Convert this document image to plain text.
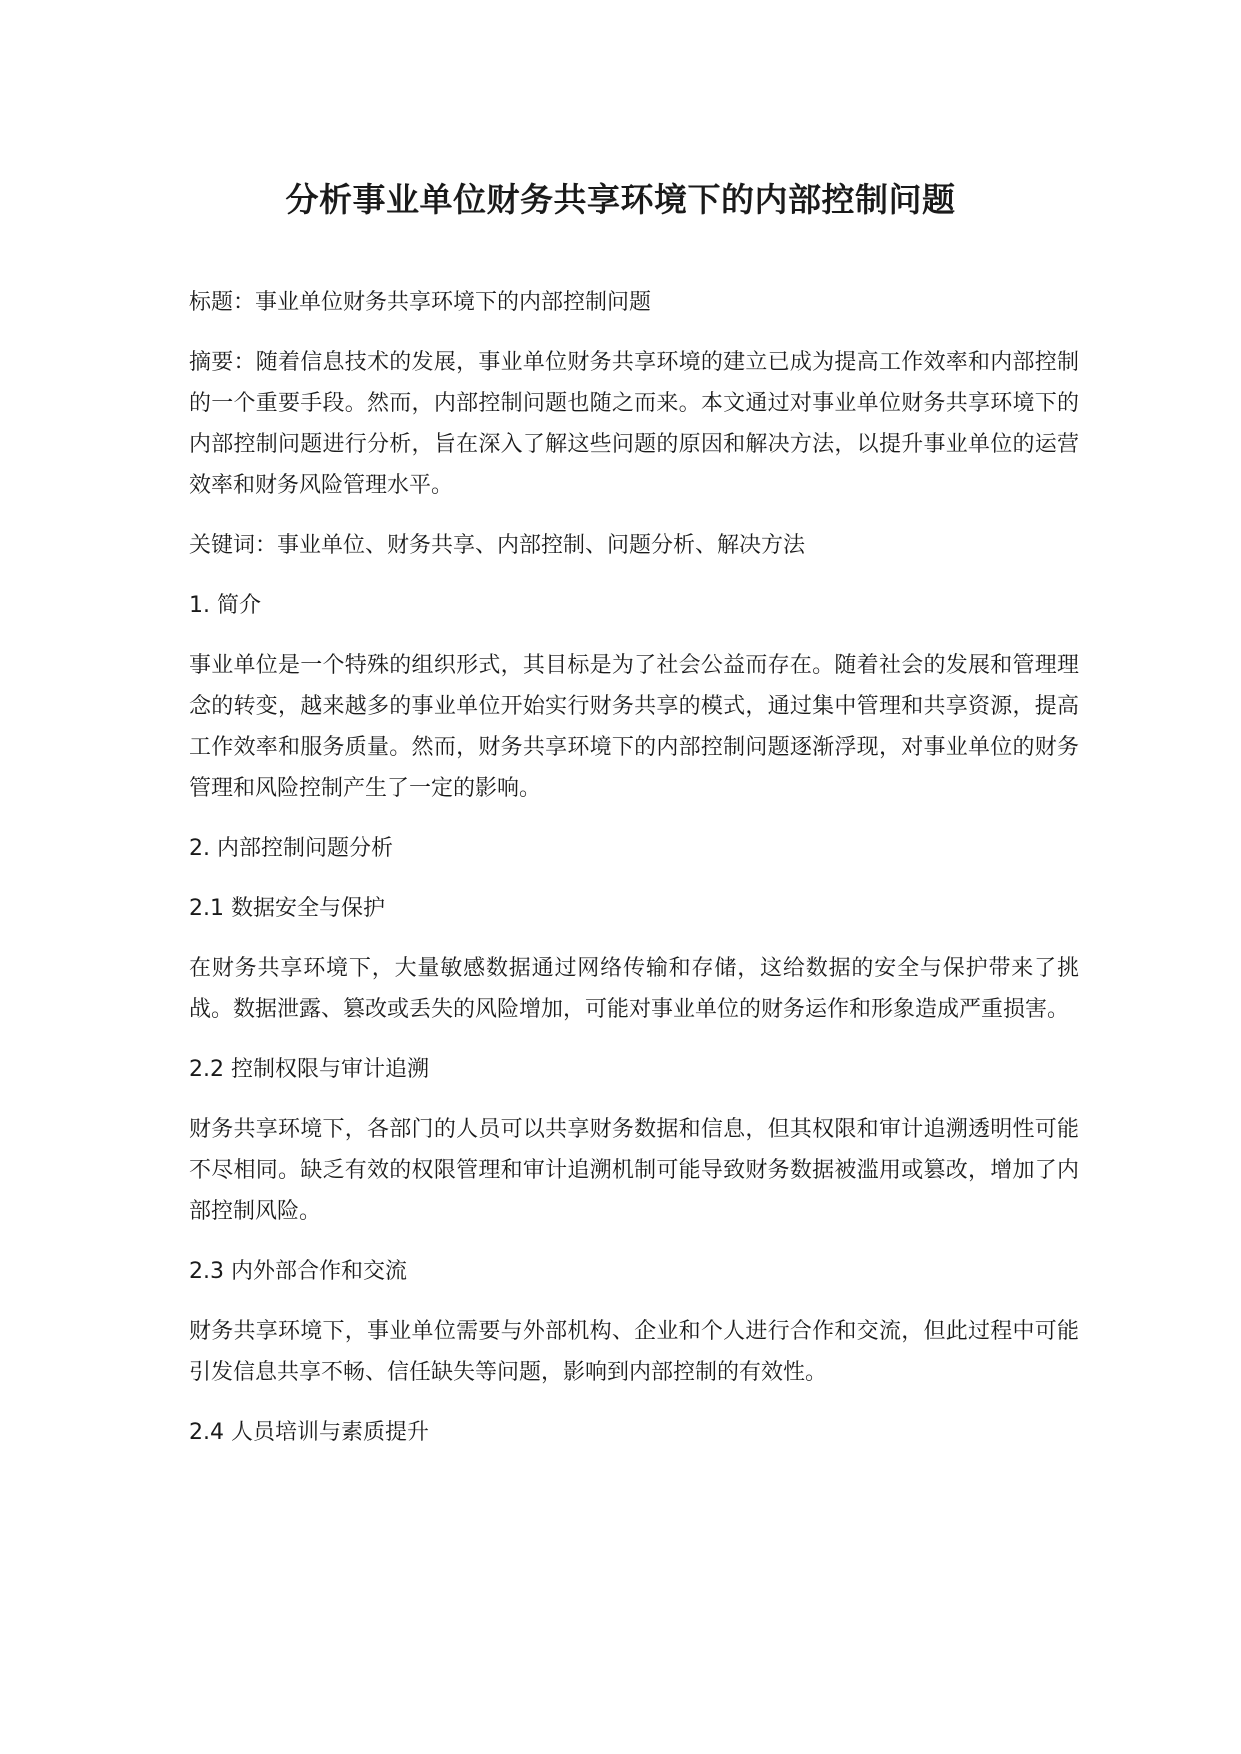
分析事业单位财务共享环境下的内部控制问题

标题：事业单位财务共享环境下的内部控制问题

摘要：随着信息技术的发展，事业单位财务共享环境的建立已成为提高工作效率和内部控制的一个重要手段。然而，内部控制问题也随之而来。本文通过对事业单位财务共享环境下的内部控制问题进行分析，旨在深入了解这些问题的原因和解决方法，以提升事业单位的运营效率和财务风险管理水平。

关键词：事业单位、财务共享、内部控制、问题分析、解决方法

1. 简介

事业单位是一个特殊的组织形式，其目标是为了社会公益而存在。随着社会的发展和管理理念的转变，越来越多的事业单位开始实行财务共享的模式，通过集中管理和共享资源，提高工作效率和服务质量。然而，财务共享环境下的内部控制问题逐渐浮现，对事业单位的财务管理和风险控制产生了一定的影响。

2. 内部控制问题分析

2.1 数据安全与保护

在财务共享环境下，大量敏感数据通过网络传输和存储，这给数据的安全与保护带来了挑战。数据泄露、篡改或丢失的风险增加，可能对事业单位的财务运作和形象造成严重损害。

2.2 控制权限与审计追溯

财务共享环境下，各部门的人员可以共享财务数据和信息，但其权限和审计追溯透明性可能不尽相同。缺乏有效的权限管理和审计追溯机制可能导致财务数据被滥用或篡改，增加了内部控制风险。

2.3 内外部合作和交流

财务共享环境下，事业单位需要与外部机构、企业和个人进行合作和交流，但此过程中可能引发信息共享不畅、信任缺失等问题，影响到内部控制的有效性。

2.4 人员培训与素质提升
